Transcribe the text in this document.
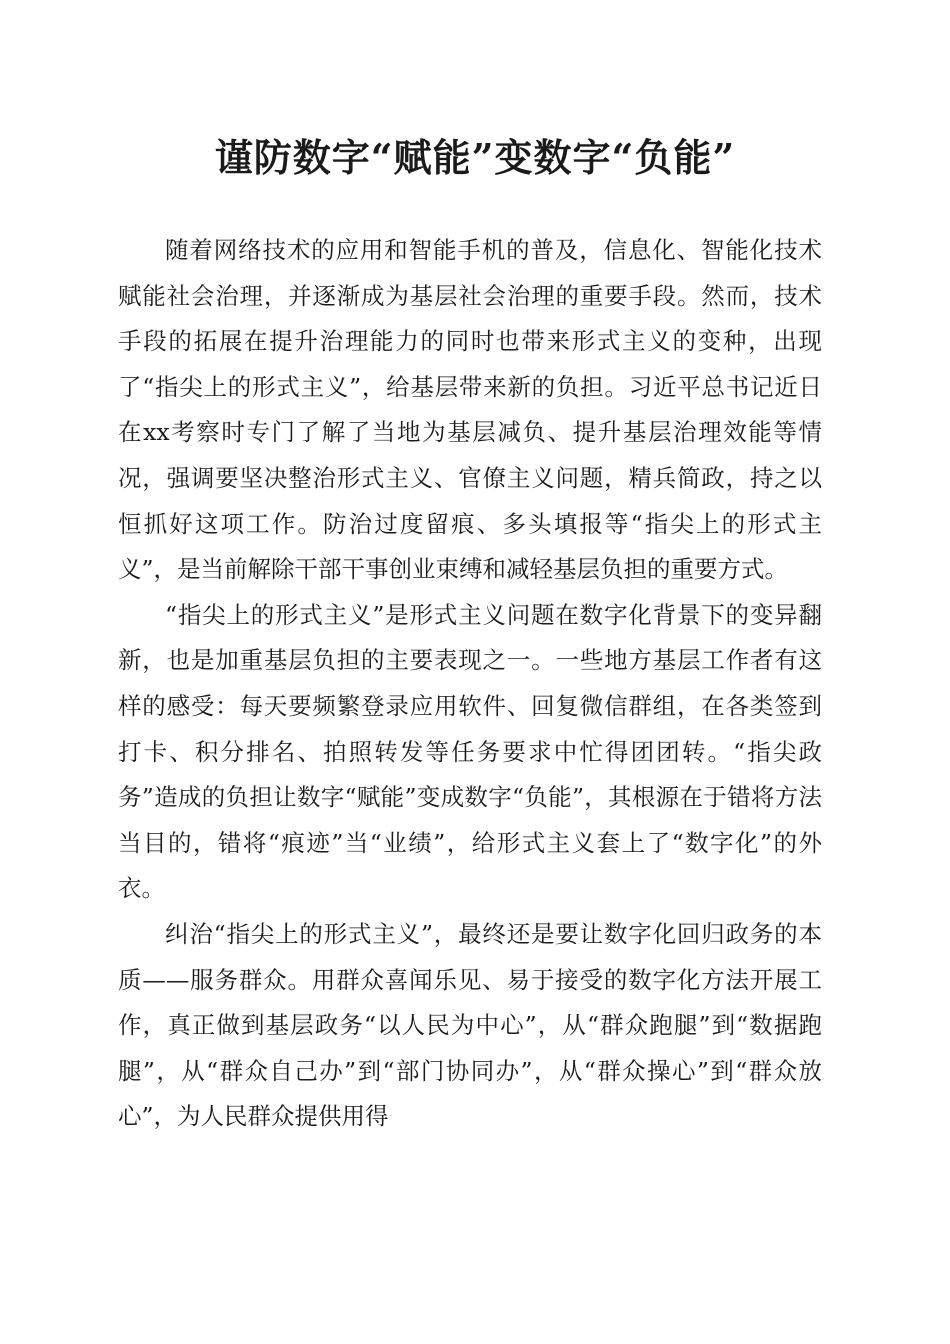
谨防数字“赋能”变数字“负能”

随着网络技术的应用和智能手机的普及，信息化、智能化技术赋能社会治理，并逐渐成为基层社会治理的重要手段。然而，技术手段的拓展在提升治理能力的同时也带来形式主义的变种，出现了“指尖上的形式主义”，给基层带来新的负担。习近平总书记近日在xx考察时专门了解了当地为基层减负、提升基层治理效能等情况，强调要坚决整治形式主义、官僚主义问题，精兵简政，持之以恒抓好这项工作。防治过度留痕、多头填报等“指尖上的形式主义”，是当前解除干部干事创业束缚和减轻基层负担的重要方式。

“指尖上的形式主义”是形式主义问题在数字化背景下的变异翻新，也是加重基层负担的主要表现之一。一些地方基层工作者有这样的感受：每天要频繁登录应用软件、回复微信群组，在各类签到打卡、积分排名、拍照转发等任务要求中忙得团团转。“指尖政务”造成的负担让数字“赋能”变成数字“负能”，其根源在于错将方法当目的，错将“痕迹”当“业绩”，给形式主义套上了“数字化”的外衣。

纠治“指尖上的形式主义”，最终还是要让数字化回归政务的本质——服务群众。用群众喜闻乐见、易于接受的数字化方法开展工作，真正做到基层政务“以人民为中心”，从“群众跑腿”到“数据跑腿”，从“群众自己办”到“部门协同办”，从“群众操心”到“群众放心”，为人民群众提供用得
